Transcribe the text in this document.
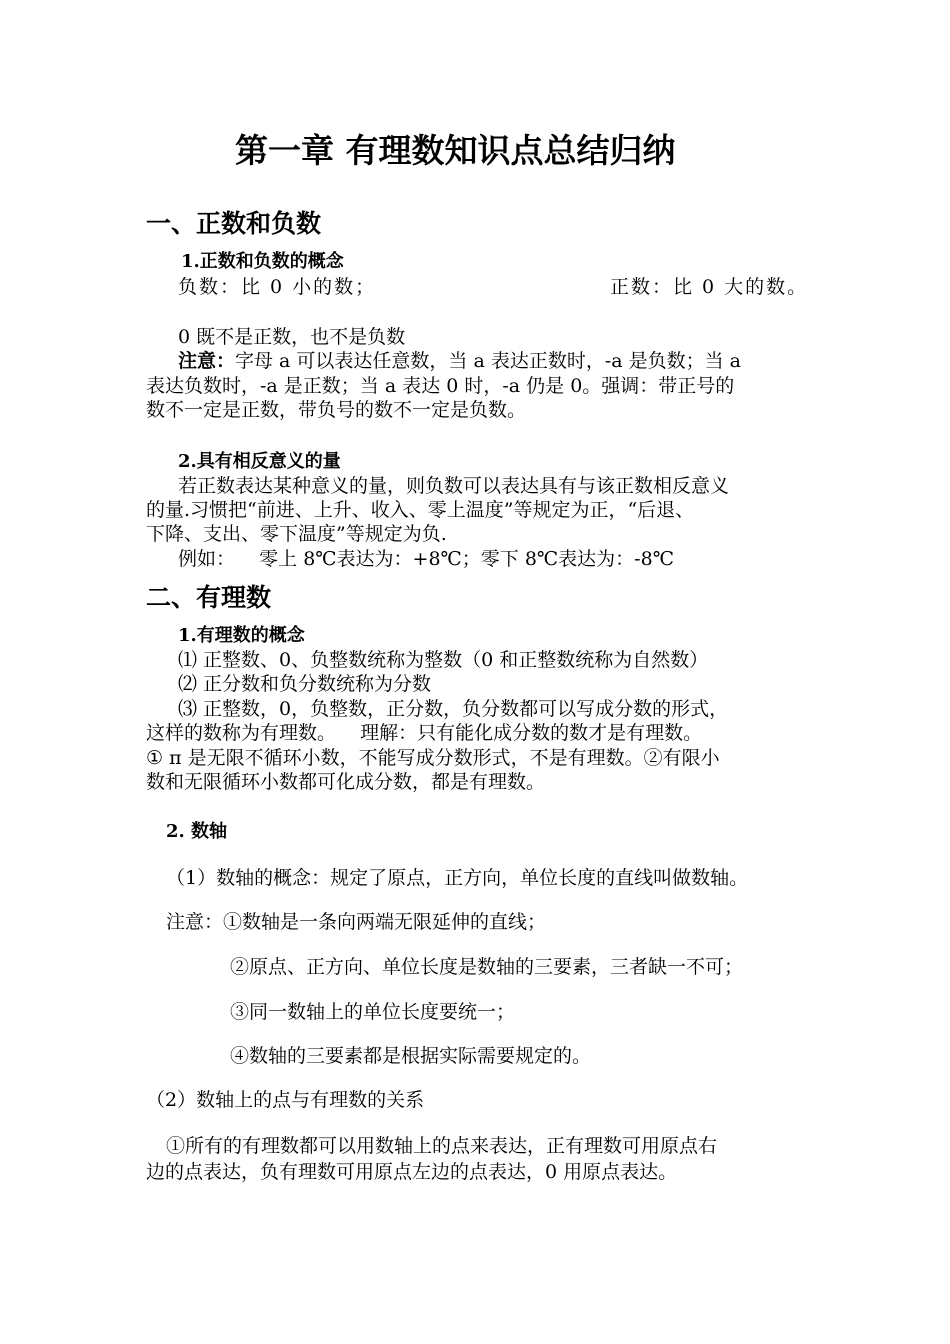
第一章 有理数知识点总结归纳
一、正数和负数
1.正数和负数的概念
负数：比 0 小的数；	正数：比 0 大的数。
0 既不是正数，也不是负数
注意：字母 a 可以表达任意数，当 a 表达正数时，-a 是负数；当 a
表达负数时，-a 是正数；当 a 表达 0 时，-a 仍是 0。强调：带正号的
数不一定是正数，带负号的数不一定是负数。
2.具有相反意义的量
若正数表达某种意义的量，则负数可以表达具有与该正数相反意义
的量.习惯把“前进、上升、收入、零上温度”等规定为正，“后退、
下降、支出、零下温度”等规定为负.
例如：    零上 8℃表达为：+8℃；零下 8℃表达为：-8℃
二、有理数
1.有理数的概念
⑴ 正整数、0、负整数统称为整数（0 和正整数统称为自然数）
⑵ 正分数和负分数统称为分数
⑶ 正整数，0，负整数，正分数，负分数都可以写成分数的形式，
这样的数称为有理数。    理解：只有能化成分数的数才是有理数。
① π 是无限不循环小数，不能写成分数形式，不是有理数。②有限小
数和无限循环小数都可化成分数，都是有理数。
2. 数轴
（1）数轴的概念：规定了原点，正方向，单位长度的直线叫做数轴。
注意：①数轴是一条向两端无限延伸的直线；
②原点、正方向、单位长度是数轴的三要素，三者缺一不可；
③同一数轴上的单位长度要统一；
④数轴的三要素都是根据实际需要规定的。
（2）数轴上的点与有理数的关系
①所有的有理数都可以用数轴上的点来表达，正有理数可用原点右
边的点表达，负有理数可用原点左边的点表达，0 用原点表达。
